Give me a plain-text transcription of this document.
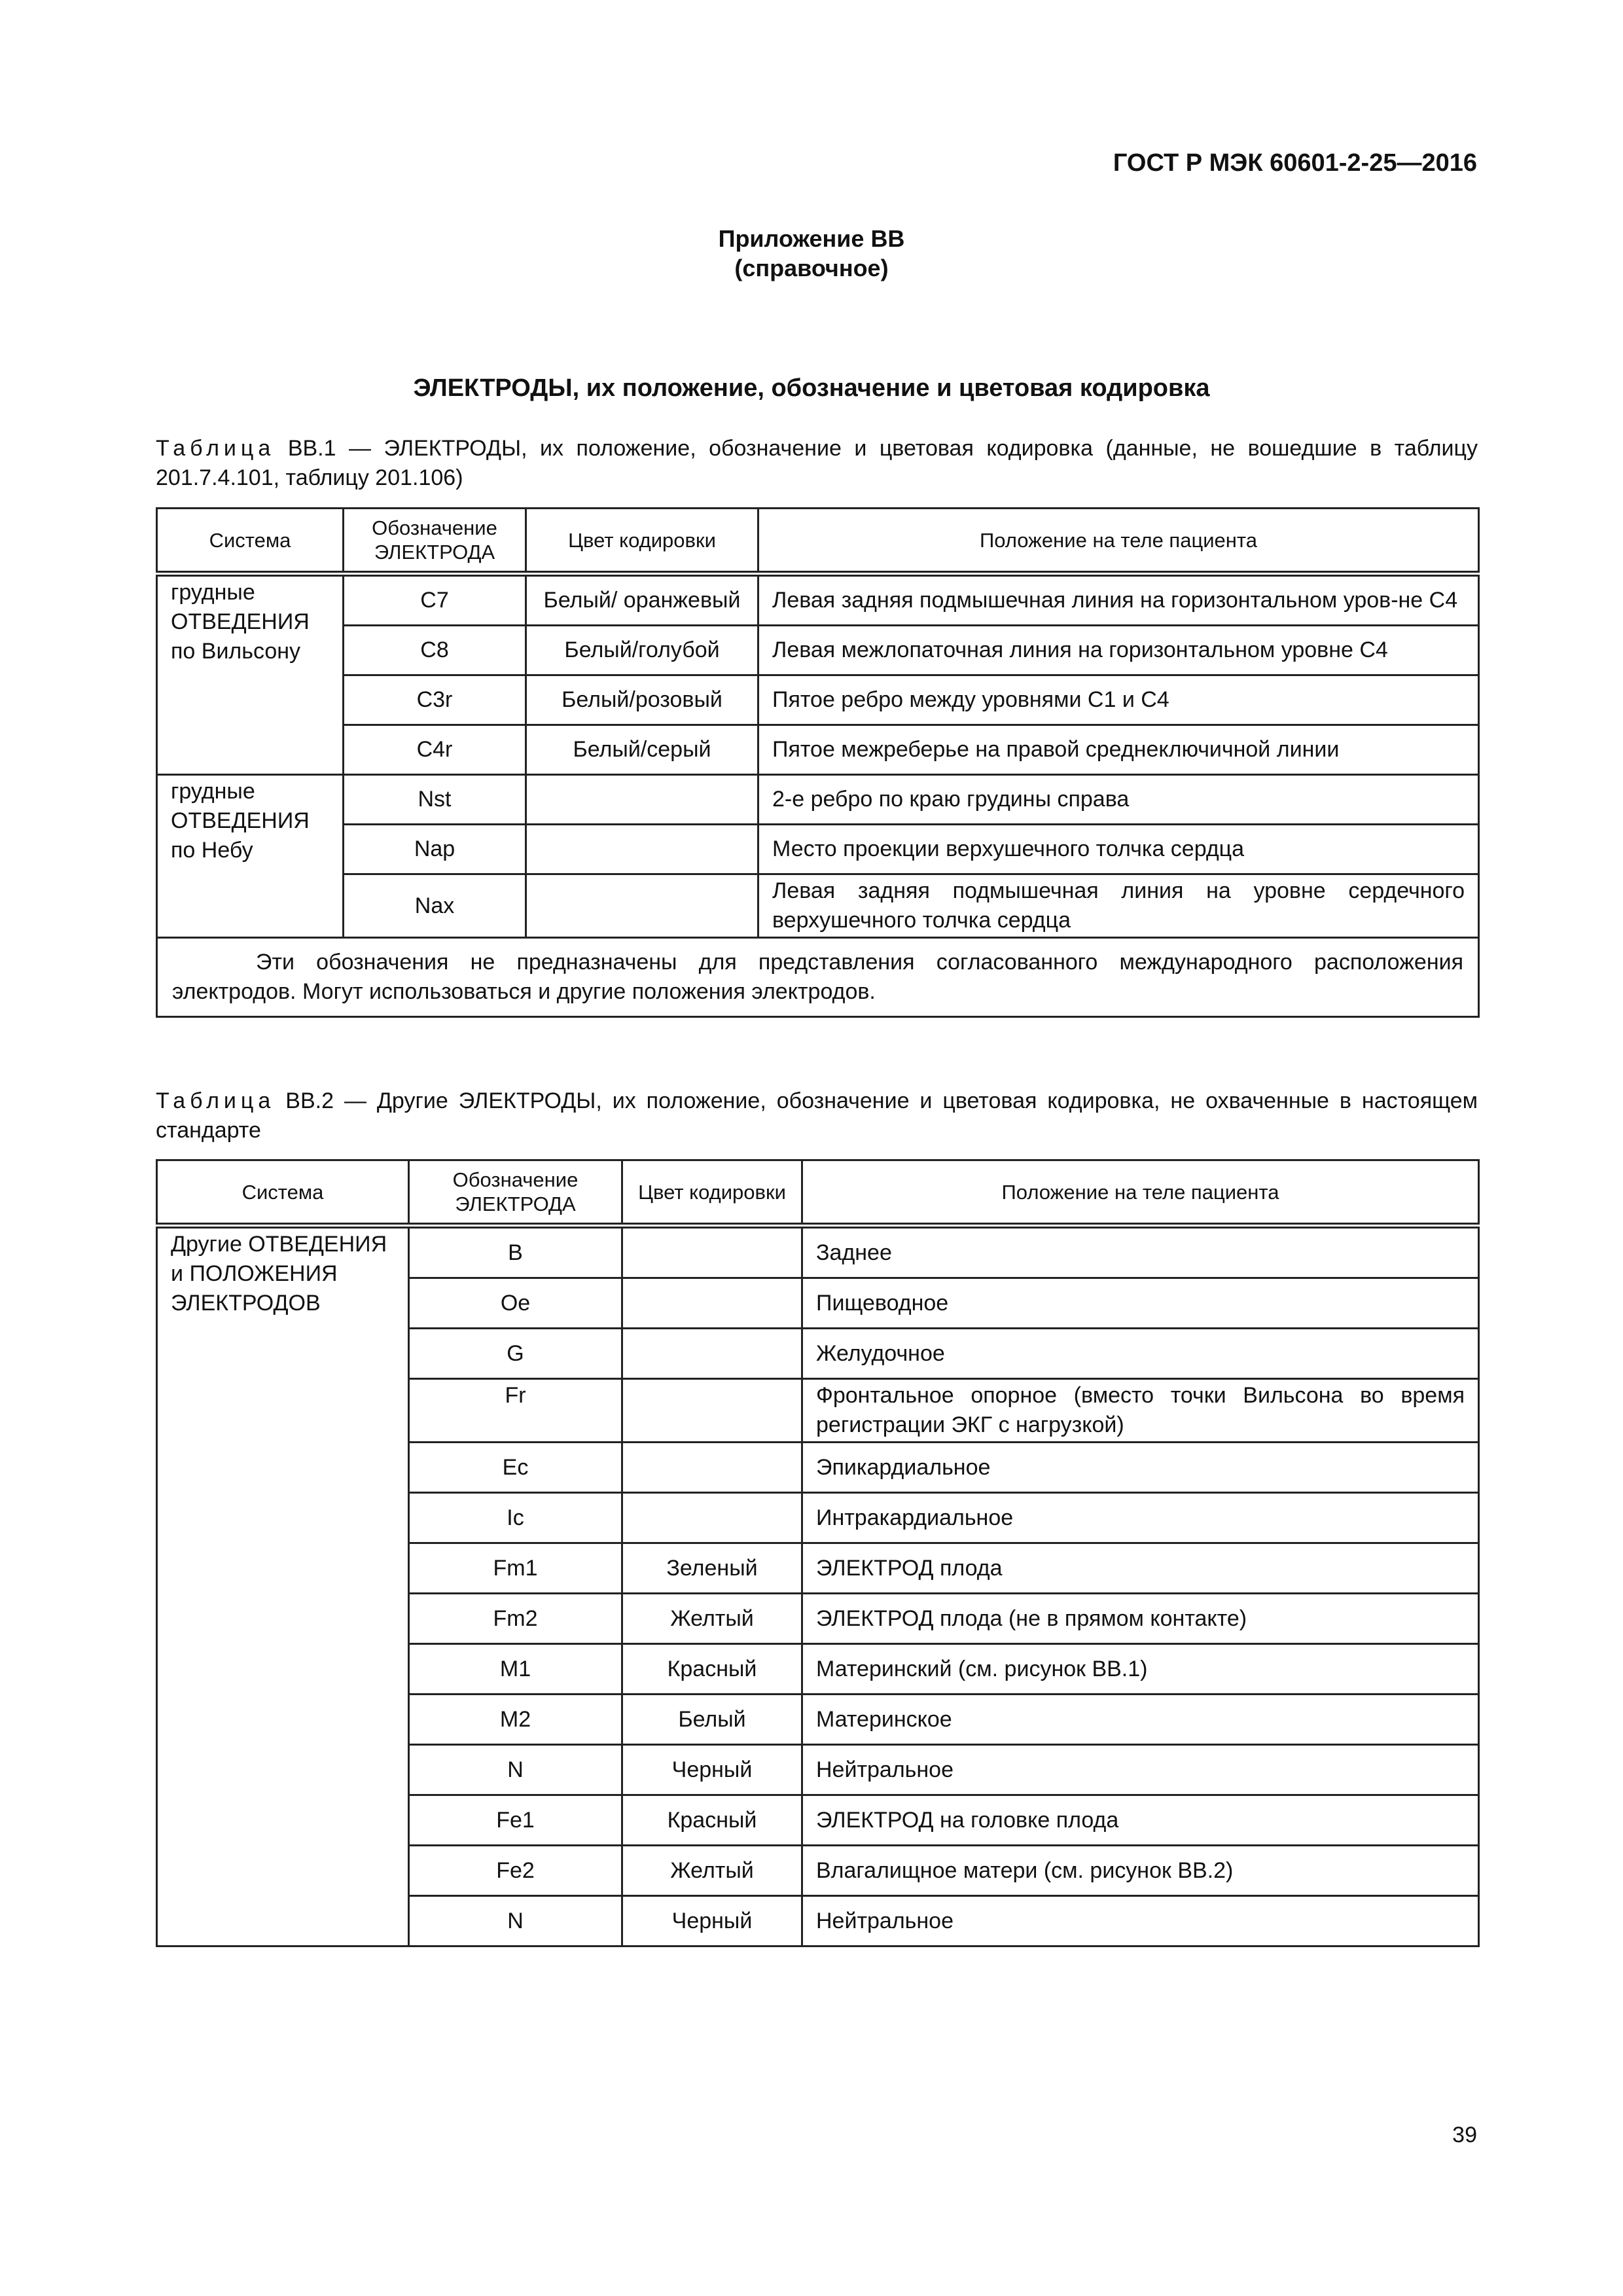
ГОСТ Р МЭК 60601-2-25—2016
Приложение ВВ
(справочное)
ЭЛЕКТРОДЫ, их положение, обозначение и цветовая кодировка
Таблица ВВ.1 — ЭЛЕКТРОДЫ, их положение, обозначение и цветовая кодировка (данные, не вошедшие в таблицу 201.7.4.101, таблицу 201.106)
Система	Обозначение ЭЛЕКТРОДА	Цвет кодировки	Положение на теле пациента
грудные ОТВЕДЕНИЯ по Вильсону	C7	Белый/ оранжевый	Левая задняя подмышечная линия на горизонтальном уров-не С4
	C8	Белый/голубой	Левая межлопаточная линия на горизонтальном уровне С4
	C3r	Белый/розовый	Пятое ребро между уровнями С1 и С4
	C4r	Белый/серый	Пятое межреберье на правой среднеключичной линии
грудные ОТВЕДЕНИЯ по Небу	Nst		2-е ребро по краю грудины справа
	Nap		Место проекции верхушечного толчка сердца
	Nax		Левая задняя подмышечная линия на уровне сердечного верхушечного толчка сердца
Эти обозначения не предназначены для представления согласованного международного расположения электродов. Могут использоваться и другие положения электродов.			
Таблица ВВ.2 — Другие ЭЛЕКТРОДЫ, их положение, обозначение и цветовая кодировка, не охваченные в настоящем стандарте
Система	Обозначение ЭЛЕКТРОДА	Цвет кодировки	Положение на теле пациента
Другие ОТВЕДЕНИЯ и ПОЛОЖЕНИЯ ЭЛЕКТРОДОВ	B		Заднее
	Oe		Пищеводное
	G		Желудочное
	Fr		Фронтальное опорное (вместо точки Вильсона во время регистрации ЭКГ с нагрузкой)
	Ec		Эпикардиальное
	Ic		Интракардиальное
	Fm1	Зеленый	ЭЛЕКТРОД плода
	Fm2	Желтый	ЭЛЕКТРОД плода (не в прямом контакте)
	M1	Красный	Материнский (см. рисунок ВВ.1)
	M2	Белый	Материнское
	N	Черный	Нейтральное
	Fe1	Красный	ЭЛЕКТРОД на головке плода
	Fe2	Желтый	Влагалищное матери (см. рисунок ВВ.2)
	N	Черный	Нейтральное
39
